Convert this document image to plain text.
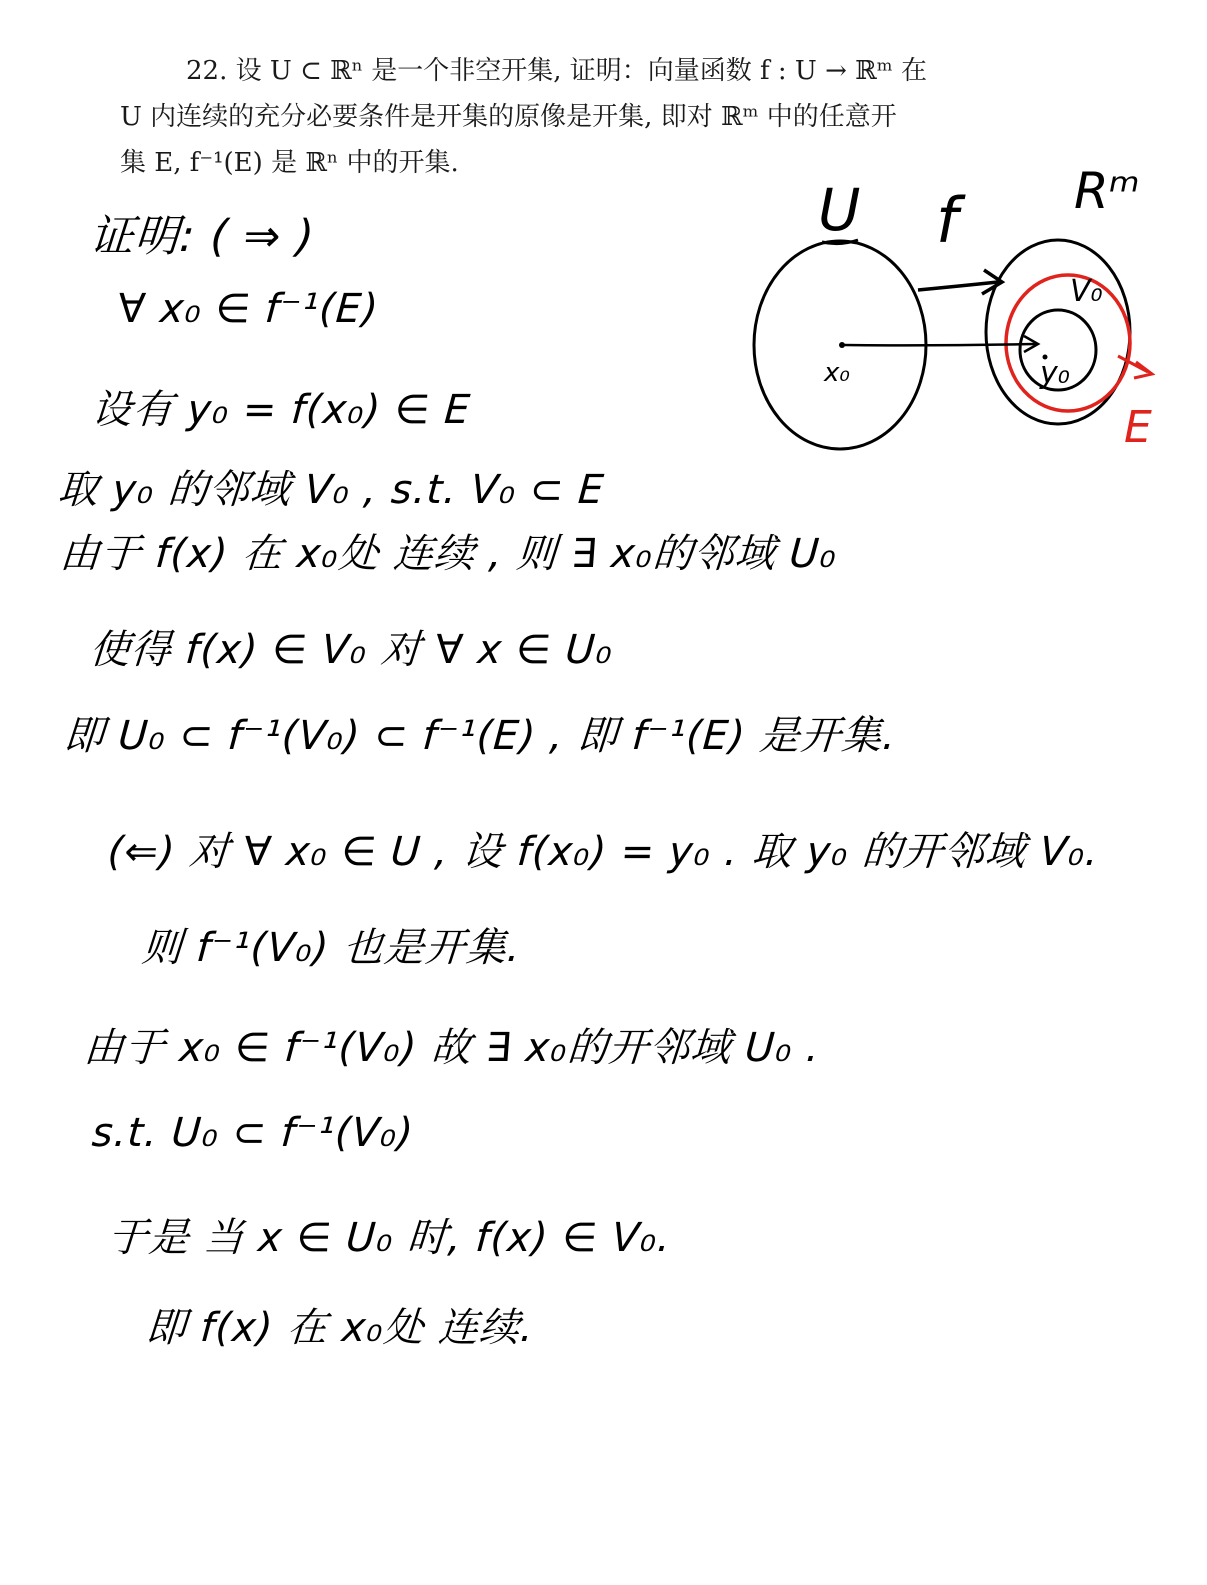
22. 设 U ⊂ ℝⁿ 是一个非空开集, 证明：向量函数 f : U → ℝᵐ 在
U 内连续的充分必要条件是开集的原像是开集, 即对 ℝᵐ 中的任意开
集 E, f⁻¹(E) 是 ℝⁿ 中的开集.
U f Rᵐ
x₀	y₀
V₀
E
证明: ( ⇒ )
∀ x₀ ∈ f⁻¹(E)
设有 y₀ = f(x₀) ∈ E
取 y₀ 的邻域 V₀ , s.t. V₀ ⊂ E
由于 f(x) 在 x₀处 连续 , 则 ∃ x₀的邻域 U₀
使得 f(x) ∈ V₀ 对 ∀ x ∈ U₀
即 U₀ ⊂ f⁻¹(V₀) ⊂ f⁻¹(E) , 即 f⁻¹(E) 是开集.
(⇐) 对 ∀ x₀ ∈ U , 设 f(x₀) = y₀ . 取 y₀ 的开邻域 V₀.
则 f⁻¹(V₀) 也是开集.
由于 x₀ ∈ f⁻¹(V₀) 故 ∃ x₀的开邻域 U₀ .
s.t. U₀ ⊂ f⁻¹(V₀)
于是 当 x ∈ U₀ 时, f(x) ∈ V₀.
即 f(x) 在 x₀处 连续.
